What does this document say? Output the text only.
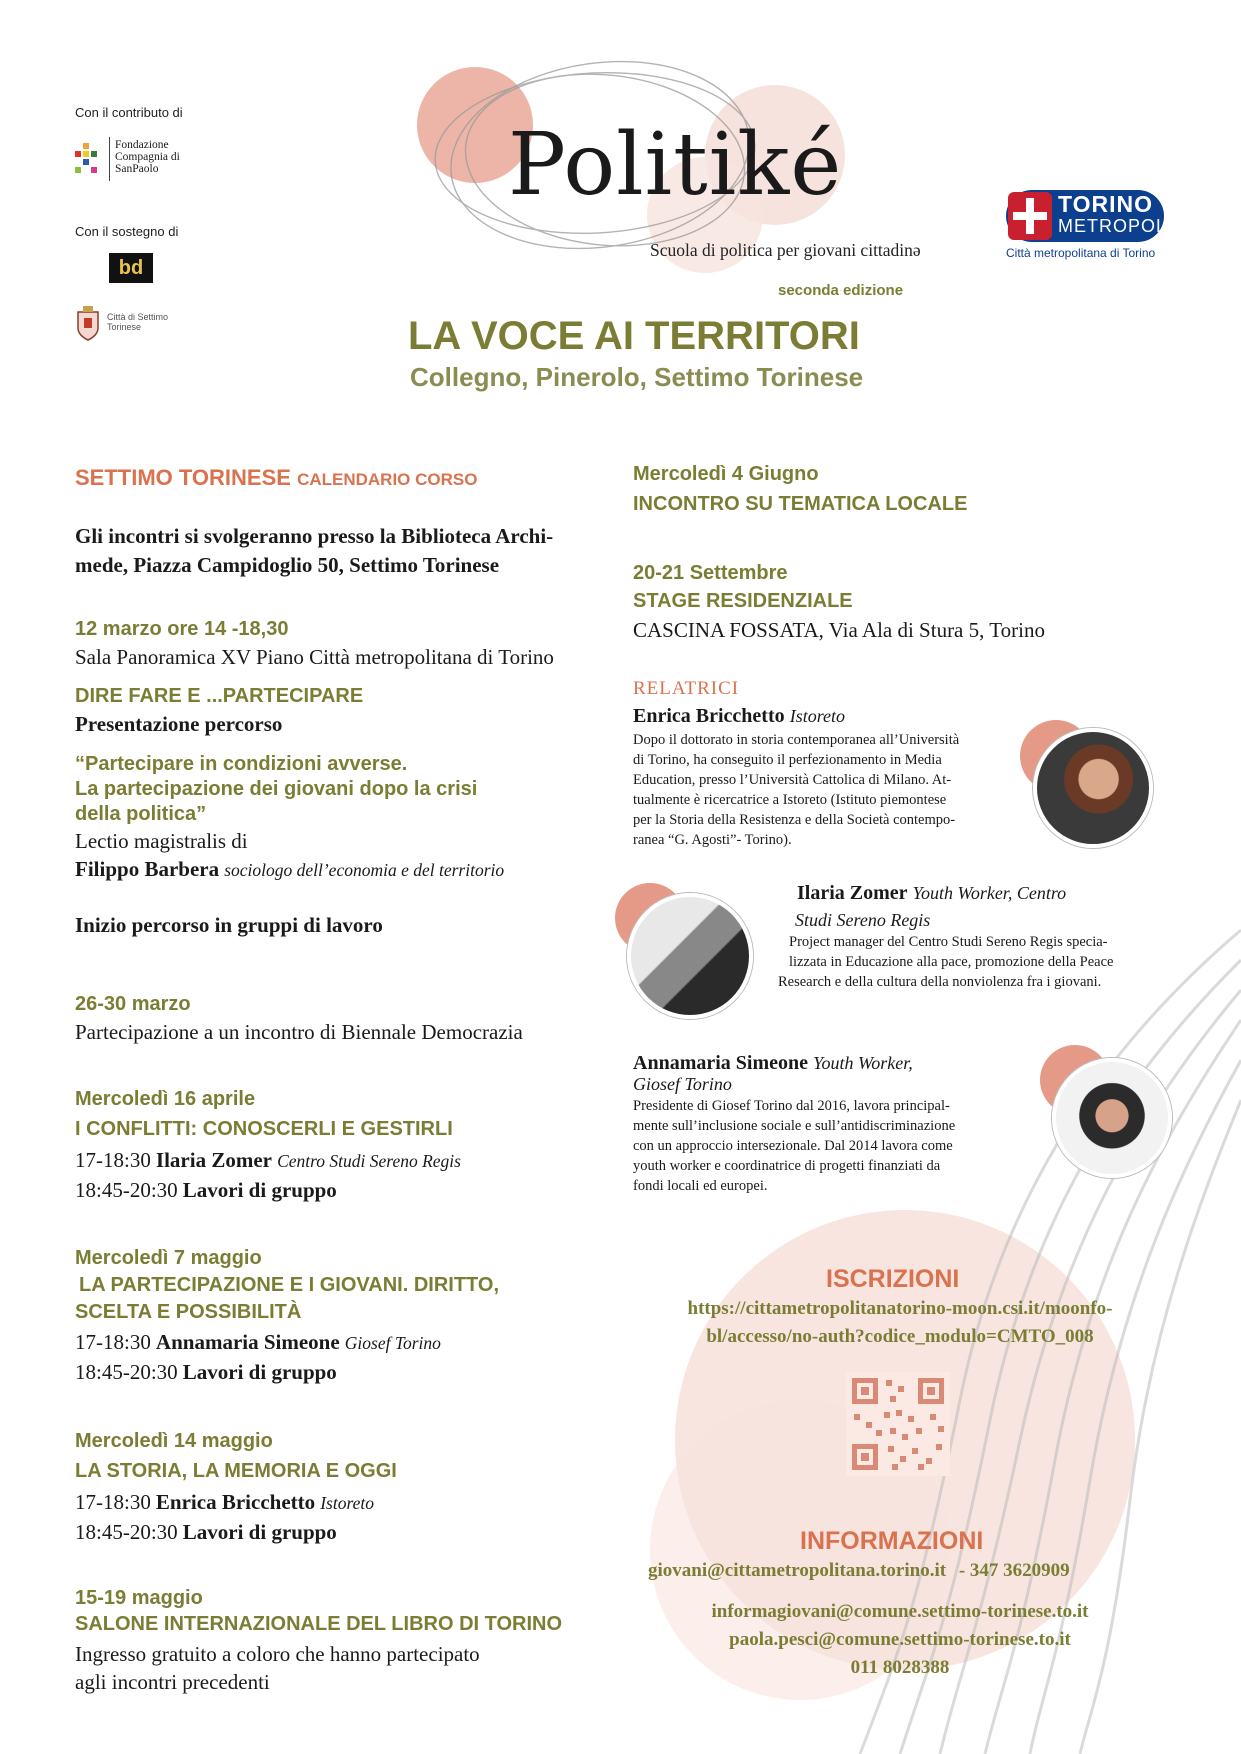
Con il contributo di
Fondazione Compagnia di SanPaolo
Con il sostegno di
bd
Città di Settimo Torinese
Politiké
Scuola di politica per giovani cittadinə
seconda edizione
LA VOCE AI TERRITORI
Collegno, Pinerolo, Settimo Torinese
TORINO
METROPOLI
Città metropolitana di Torino
SETTIMO TORINESE CALENDARIO CORSO
Gli incontri si svolgeranno presso la Biblioteca Archi-
mede, Piazza Campidoglio 50, Settimo Torinese
12 marzo ore 14 -18,30
Sala Panoramica XV Piano Città metropolitana di Torino
DIRE FARE E ...PARTECIPARE
Presentazione percorso
“Partecipare in condizioni avverse.
La partecipazione dei giovani dopo la crisi
della politica”
Lectio magistralis di
Filippo Barbera sociologo dell’economia e del territorio
Inizio percorso in gruppi di lavoro
26-30 marzo
Partecipazione a un incontro di Biennale Democrazia
Mercoledì 16 aprile
I CONFLITTI: CONOSCERLI E GESTIRLI
17-18:30 Ilaria Zomer Centro Studi Sereno Regis
18:45-20:30 Lavori di gruppo
Mercoledì 7 maggio
LA PARTECIPAZIONE E I GIOVANI. DIRITTO,
SCELTA E POSSIBILITÀ
17-18:30 Annamaria Simeone Giosef Torino
18:45-20:30 Lavori di gruppo
Mercoledì 14 maggio
LA STORIA, LA MEMORIA E OGGI
17-18:30 Enrica Bricchetto Istoreto
18:45-20:30 Lavori di gruppo
15-19 maggio
SALONE INTERNAZIONALE DEL LIBRO DI TORINO
Ingresso gratuito a coloro che hanno partecipato
agli incontri precedenti
Mercoledì 4 Giugno
INCONTRO SU TEMATICA LOCALE
20-21 Settembre
STAGE RESIDENZIALE
CASCINA FOSSATA, Via Ala di Stura 5, Torino
RELATRICI
Enrica Bricchetto Istoreto
Dopo il dottorato in storia contemporanea all’Università
di Torino, ha conseguito il perfezionamento in Media
Education, presso l’Università Cattolica di Milano. At-
tualmente è ricercatrice a Istoreto (Istituto piemontese
per la Storia della Resistenza e della Società contempo-
ranea “G. Agosti”- Torino).
Ilaria Zomer Youth Worker, Centro
Studi Sereno Regis
Project manager del Centro Studi Sereno Regis specia-
lizzata in Educazione alla pace, promozione della Peace
Research e della cultura della nonviolenza fra i giovani.
Annamaria Simeone Youth Worker,
Giosef Torino
Presidente di Giosef Torino dal 2016, lavora principal-
mente sull’inclusione sociale e sull’antidiscriminazione
con un approccio intersezionale. Dal 2014 lavora come
youth worker e coordinatrice di progetti finanziati da
fondi locali ed europei.
ISCRIZIONI
https://cittametropolitanatorino-moon.csi.it/moonfo-
bl/accesso/no-auth?codice_modulo=CMTO_008
INFORMAZIONI
giovani@cittametropolitana.torino.it - 347 3620909
informagiovani@comune.settimo-torinese.to.it
paola.pesci@comune.settimo-torinese.to.it
011 8028388
